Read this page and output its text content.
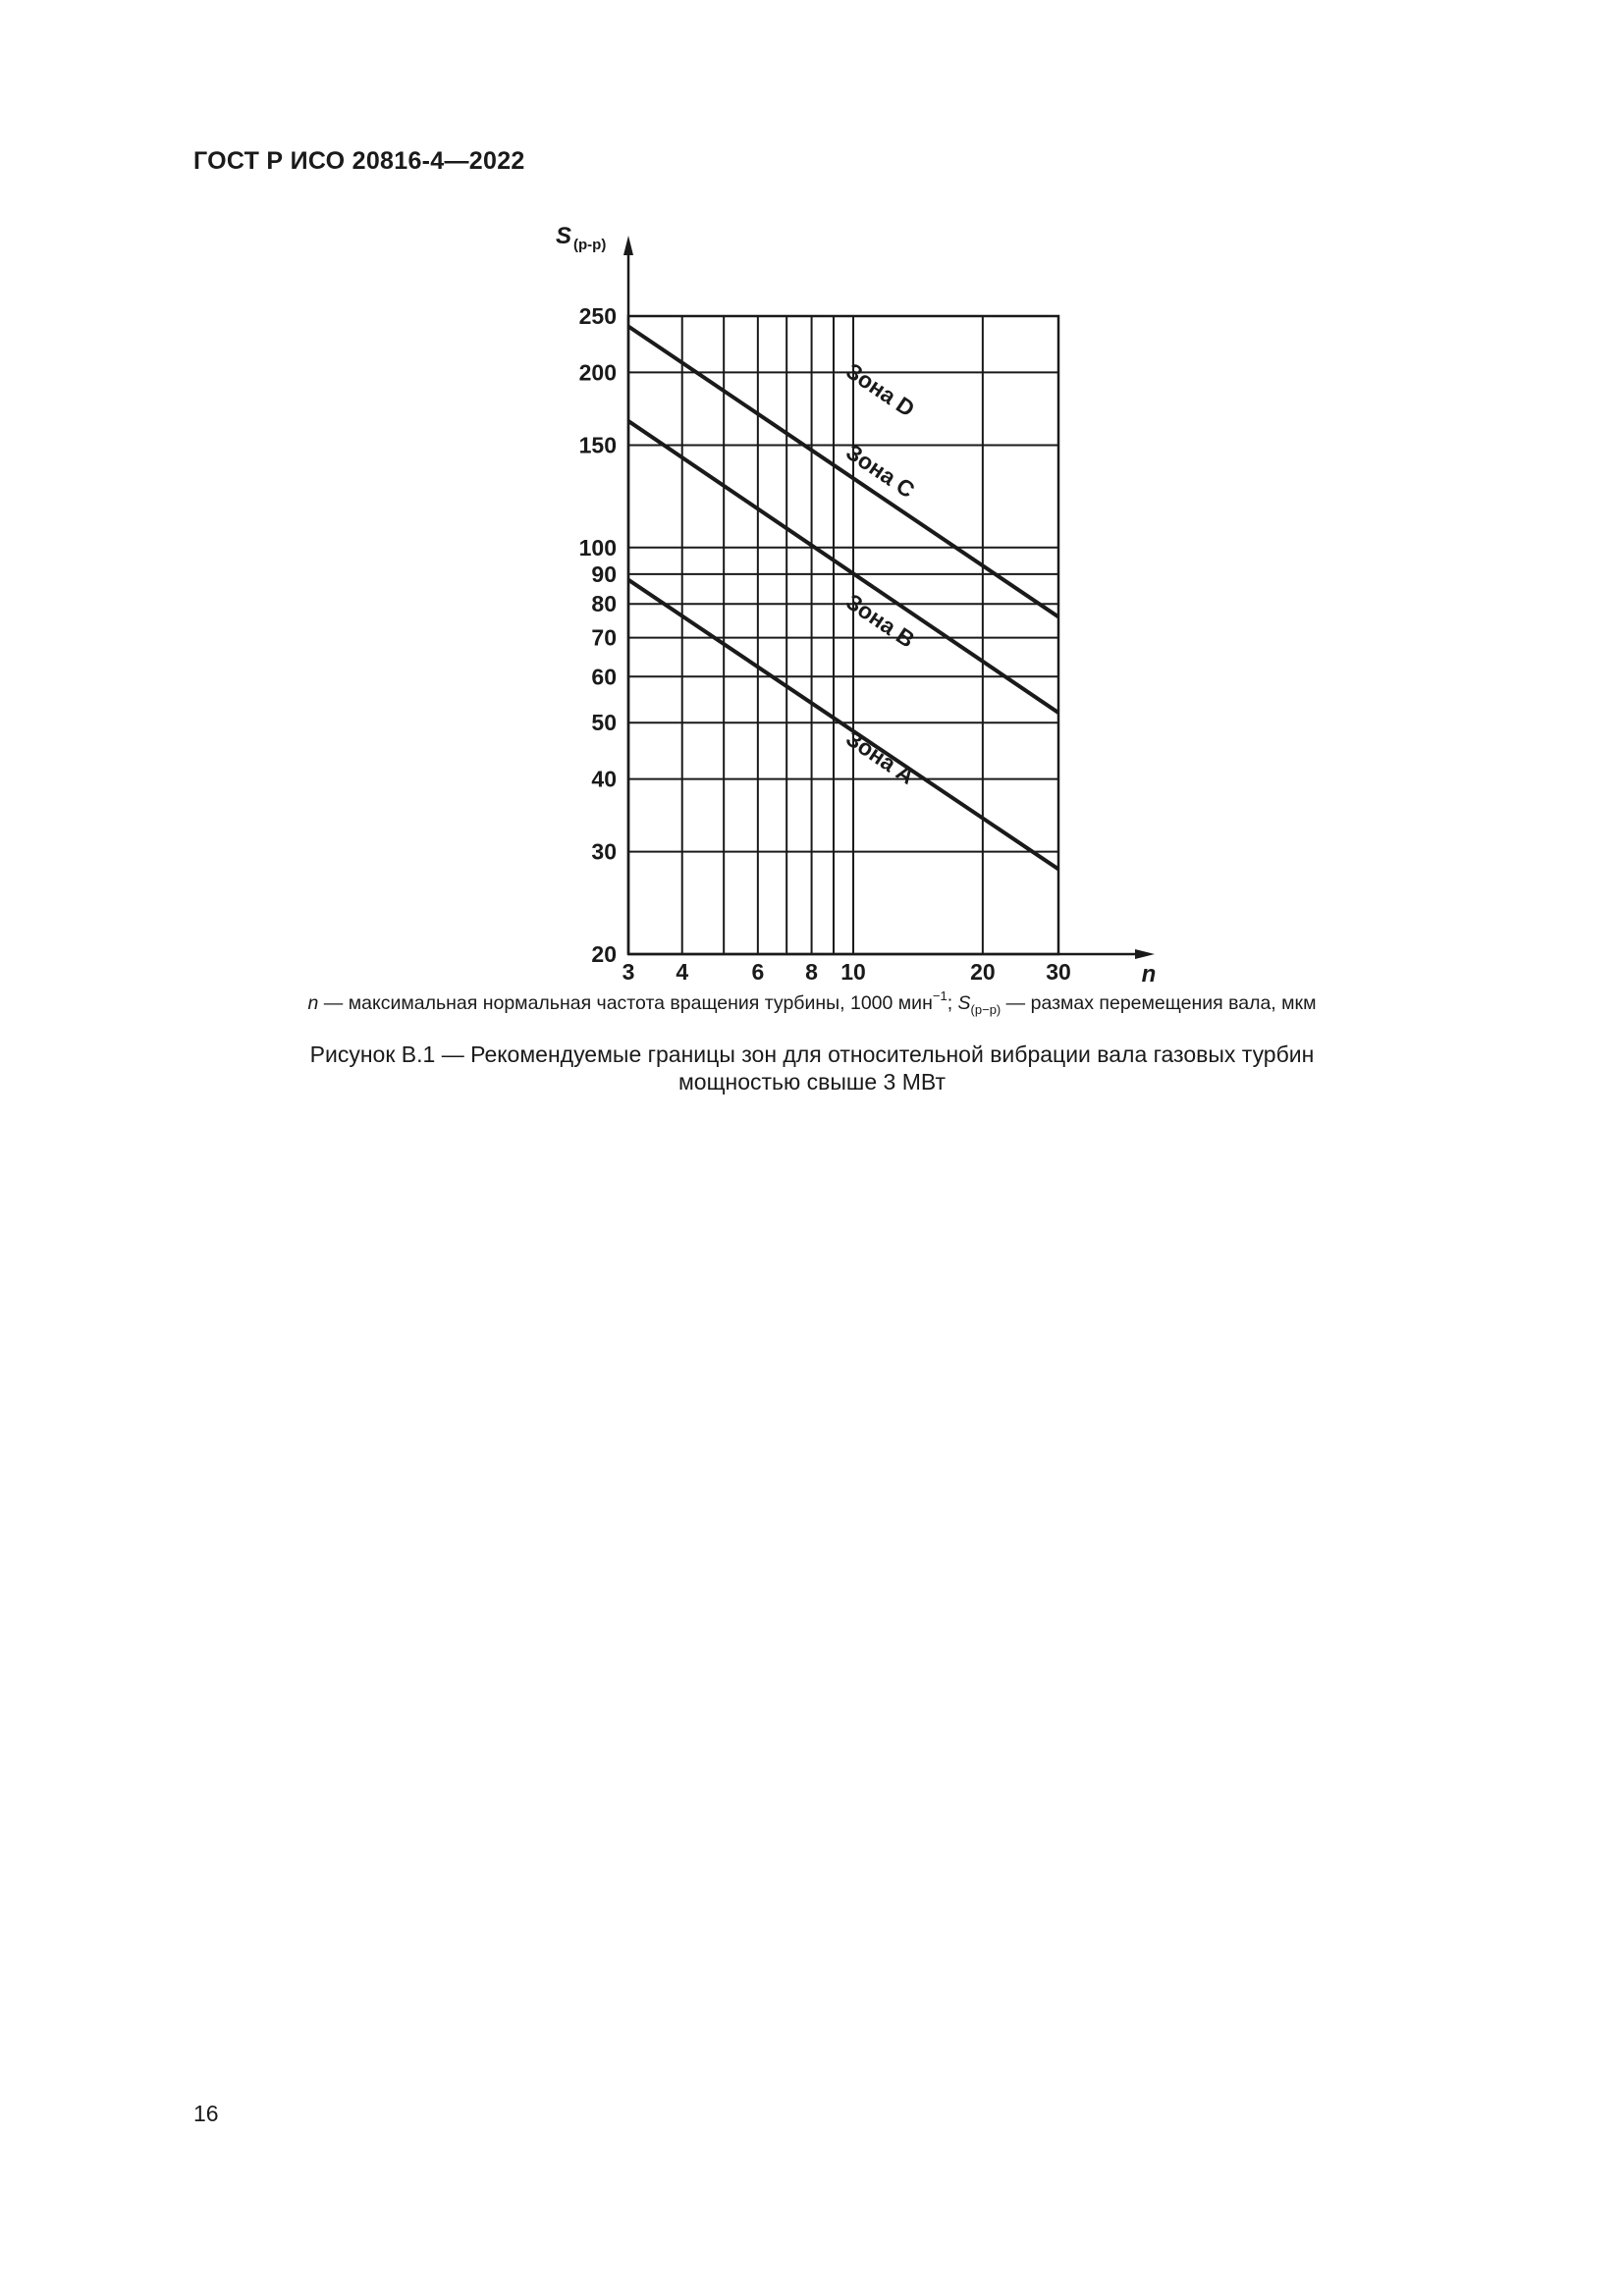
ГОСТ Р ИСО 20816-4—2022
250
200
150
100
90
80
70
60
50
40
30
20
3 4	6 8 10	20 30
Зона D
Зона C
Зона B
Зона A
n
S $_{(p-p)}$
n — максимальная нормальная частота вращения турбины, 1000 мин$^{-1}$; $S_{(p-p)}$ — размах перемещения вала, мкм
Рисунок В.1 — Рекомендуемые границы зон для относительной вибрации вала газовых турбин
мощностью свыше 3 МВт
16
